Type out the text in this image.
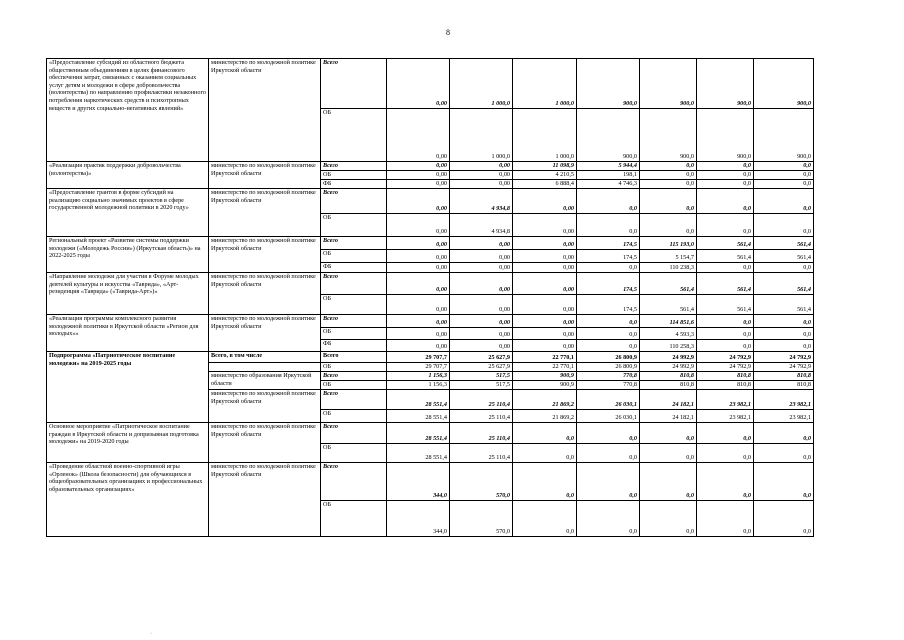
8
«Предоставление субсидий из областного бюджета общественным объединениям в целях финансового обеспечения затрат, связанных с оказанием социальных услуг детям и молодежи в сфере добровольчества (волонтерства) по направлению профилактики незаконного потребления наркотических средств и психотропных веществ и других социально-негативных явлений»	министерство по молодежной политике Иркутской области	Всего	0,00	1 000,0	1 000,0	900,0	900,0	900,0	900,0
		ОБ	0,00	1 000,0	1 000,0	900,0	900,0	900,0	900,0
«Реализация практик поддержки добровольчества (волонтерства)»	министерство по молодежной политике Иркутской области	Всего	0,00	0,00	11 098,9	5 944,4	0,0	0,0	0,0
		ОБ	0,00	0,00	4 210,5	198,1	0,0	0,0	0,0
		ФБ	0,00	0,00	6 888,4	4 746,3	0,0	0,0	0,0
«Предоставление грантов в форме субсидий на реализацию социально значимых проектов в сфере государственной молодежной политики в 2020 году»	министерство по молодежной политике Иркутской области	Всего	0,00	4 934,8	0,00	0,0	0,0	0,0	0,0
		ОБ	0,00	4 934,8	0,00	0,0	0,0	0,0	0,0
Региональный проект «Развитие системы поддержки молодежи («Молодежь России») (Иркутская область)» на 2022-2025 годы	министерство по молодежной политике Иркутской области	Всего	0,00	0,00	0,00	174,5	115 193,0	561,4	561,4
		ОБ	0,00	0,00	0,00	174,5	5 154,7	561,4	561,4
		ФБ	0,00	0,00	0,00	0,0	110 238,3	0,0	0,0
«Направление молодежи для участия в Форуме молодых деятелей культуры и искусства «Таврида», «Арт-резиденция «Таврида» («Таврида-Арт»)»	министерство по молодежной политике Иркутской области	Всего	0,00	0,00	0,00	174,5	561,4	561,4	561,4
		ОБ	0,00	0,00	0,00	174,5	561,4	561,4	561,4
«Реализация программы комплексного развития молодежной политики в Иркутской области «Регион для молодых»»	министерство по молодежной политике Иркутской области	Всего	0,00	0,00	0,00	0,0	114 851,6	0,0	0,0
		ОБ	0,00	0,00	0,00	0,0	4 593,3	0,0	0,0
		ФБ	0,00	0,00	0,00	0,0	110 258,3	0,0	0,0
Подпрограмма «Патриотическое воспитание молодежи» на 2019-2025 годы	Всего, в том числе	Всего	29 707,7	25 627,9	22 770,1	26 800,9	24 992,9	24 792,9	24 792,9
		ОБ	29 707,7	25 627,9	22 770,1	26 800,9	24 992,9	24 792,9	24 792,9
	министерство образования Иркутской области	Всего	1 156,3	517,5	900,9	770,8	810,8	810,8	810,8
		ОБ	1 156,3	517,5	900,9	770,8	810,8	810,8	810,8
	министерство по молодежной политике Иркутской области	Всего	28 551,4	25 110,4	21 869,2	26 030,1	24 182,1	23 982,1	23 982,1
		ОБ	28 551,4	25 110,4	21 869,2	26 030,1	24 182,1	23 982,1	23 982,1
Основное мероприятие «Патриотическое воспитание граждан в Иркутской области и допризывная подготовка молодежи» на 2019-2020 годы	министерство по молодежной политике Иркутской области	Всего	28 551,4	25 110,4	0,0	0,0	0,0	0,0	0,0
		ОБ	28 551,4	25 110,4	0,0	0,0	0,0	0,0	0,0
«Проведение областной военно-спортивной игры «Орленок» (Школа безопасности) для обучающихся в общеобразовательных организациях и профессиональных образовательных организациях»	министерство по молодежной политике Иркутской области	Всего	344,0	570,0	0,0	0,0	0,0	0,0	0,0
		ОБ	344,0	570,0	0,0	0,0	0,0	0,0	0,0
·
